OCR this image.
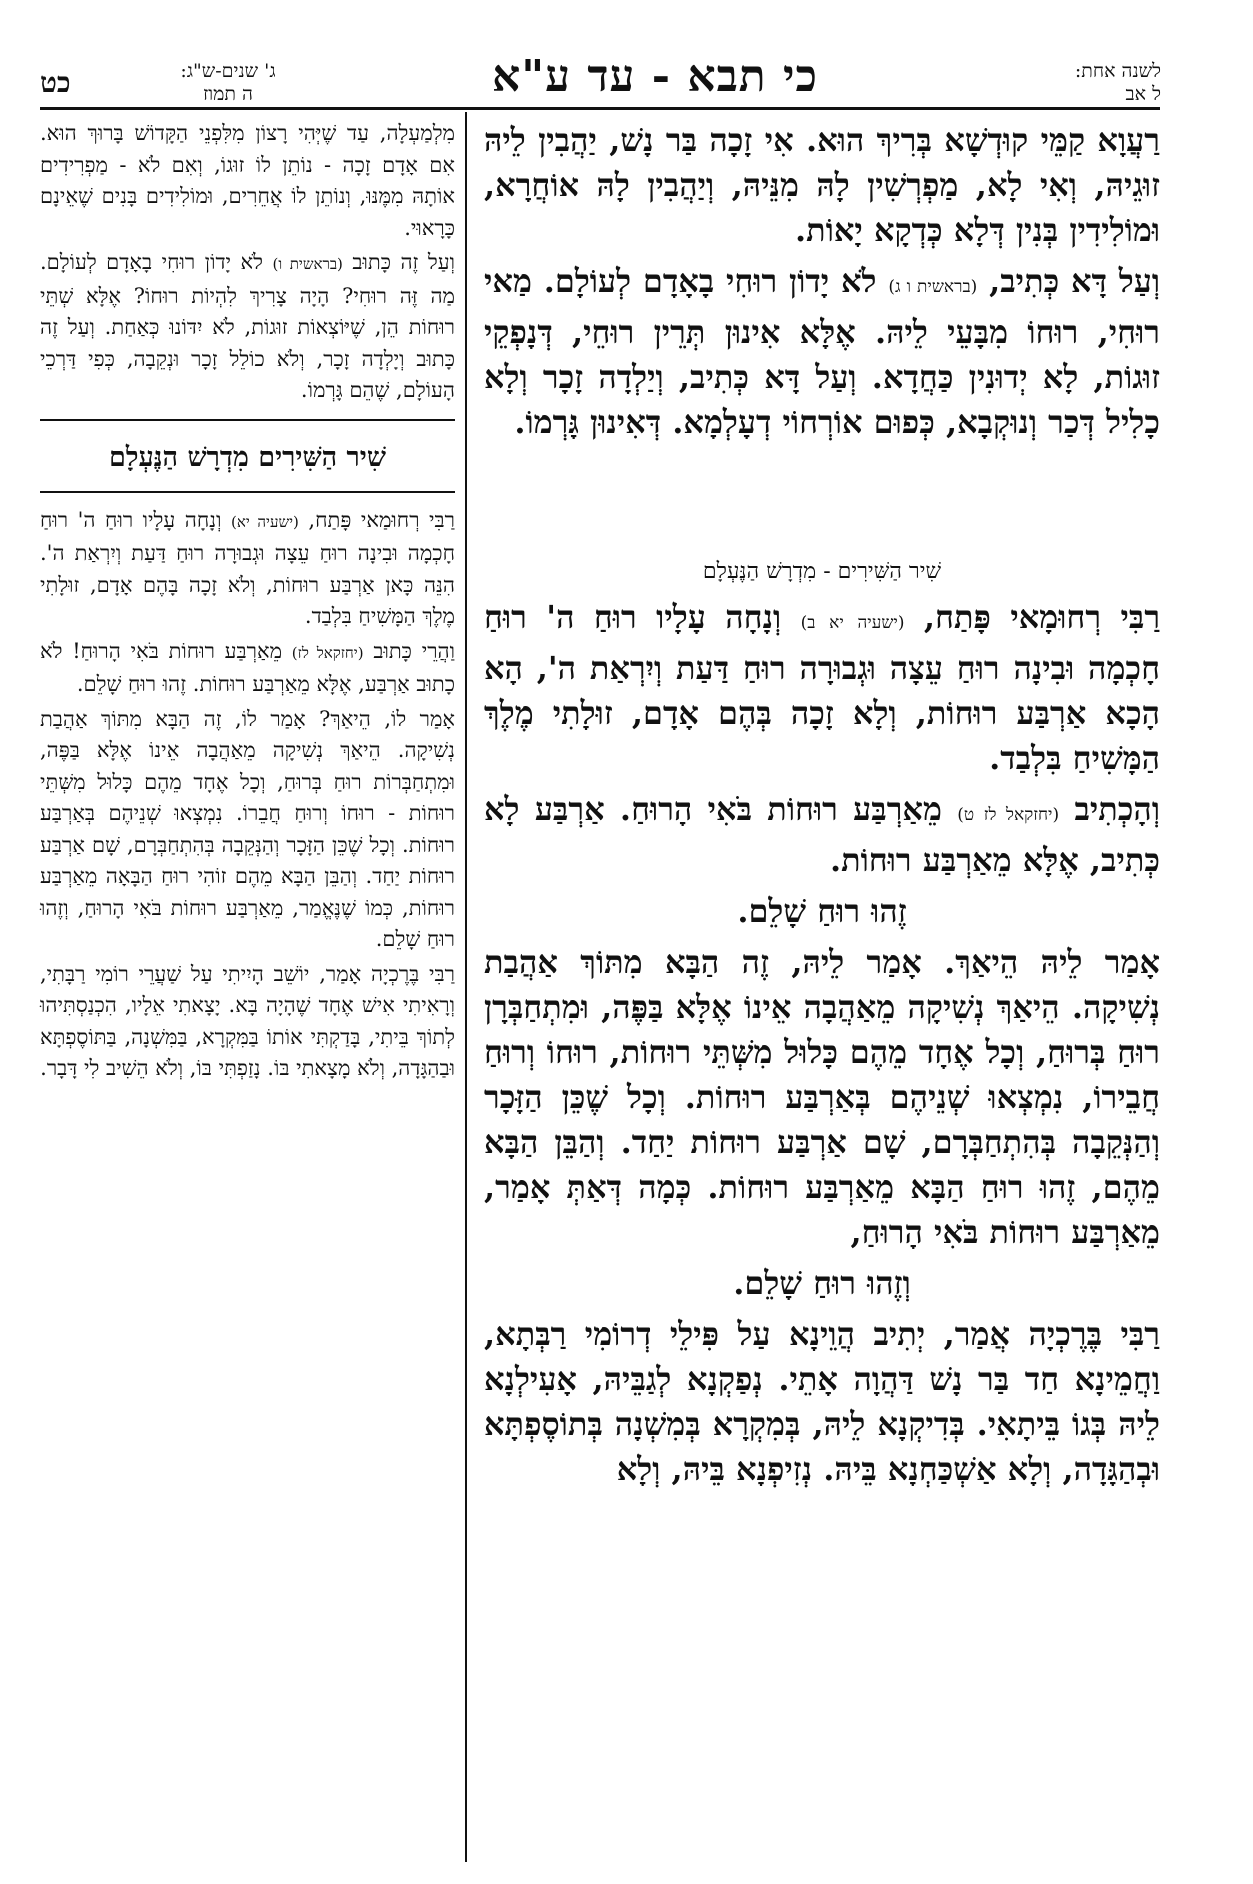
לשנה אחת:
ל אב
כי תבא - עד ע"א
ג' שנים-ש"ג:
ה תמוז
כט

רַעֲוָא קַמֵּי קוּדְשָׁא בְּרִיךְ הוּא. אִי זָכָה בַּר נָשׁ, יַהֲבִין לֵיהּ זוּגֵיהּ, וְאִי לָא, מַפְרְשִׁין לָהּ מִנֵּיהּ, וְיַהֲבִין לָהּ אוֹחֲרָא, וּמוֹלִידִין בְּנִין דְּלָא כְּדְקָא יָאוֹת.

וְעַל דָּא כְּתִיב, (בראשית ו ג) לֹא יָדוֹן רוּחִי בָאָדָם לְעוֹלָם. מַאי רוּחִי, רוּחוֹ מִבָּעֵי לֵיהּ. אֶלָּא אִינוּן תְּרֵין רוּחֵי, דְּנָפְקֵי זוּגוֹת, לָא יְדוּנִין כַּחֲדָא. וְעַל דָּא כְּתִיב, וְיַלְדָה זָכָר וְלָא כָלִיל דְּכַר וְנוּקְבָא, כְּפוּם אוֹרְחוֹי דְעָלְמָא. דְּאִינוּן גָּרְמוֹ.

שִׁיר הַשִּׁירִים - מִדְרָשׁ הַנֶּעְלָם

רַבִּי רְחוּמָאי פָּתַח, (ישעיה יא ב) וְנָחָה עָלָיו רוּחַ ה' רוּחַ חָכְמָה וּבִינָה רוּחַ עֵצָה וּגְבוּרָה רוּחַ דַּעַת וְיִרְאַת ה', הָא הָכָא אַרְבַּע רוּחוֹת, וְלָא זָכָה בְּהֶם אָדָם, זוּלָתִי מֶלֶךְ הַמָּשִׁיחַ בִּלְבַד.

וְהָכְתִיב (יחזקאל לז ט) מֵאַרְבַּע רוּחוֹת בֹּאִי הָרוּחַ. אַרְבַּע לָא כְּתִיב, אֶלָּא מֵאַרְבַּע רוּחוֹת.

זֶהוּ רוּחַ שָׁלֵם.

אָמַר לֵיהּ הֵיאַךְ. אָמַר לֵיהּ, זֶה הַבָּא מִתּוֹךְ אַהֲבַת נְשִׁיקָה. הֵיאַךְ נְשִׁיקָה מֵאַהֲבָה אֵינוֹ אֶלָּא בַּפֶּה, וּמִתְחַבְּרָן רוּחַ בְּרוּחַ, וְכָל אֶחָד מֵהֶם כָּלוּל מִשְּׁתֵּי רוּחוֹת, רוּחוֹ וְרוּחַ חֲבֵירוֹ, נִמְצְאוּ שְׁנֵיהֶם בְּאַרְבַּע רוּחוֹת. וְכָל שֶׁכֵּן הַזָּכָר וְהַנְּקֵבָה בְּהִתְחַבְּרָם, שָׁם אַרְבַּע רוּחוֹת יַחַד. וְהַבֵּן הַבָּא מֵהֶם, זֶהוּ רוּחַ הַבָּא מֵאַרְבַּע רוּחוֹת. כְּמָה דְּאַתְּ אָמַר, מֵאַרְבַּע רוּחוֹת בֹּאִי הָרוּחַ,

וְזֶהוּ רוּחַ שָׁלֵם.

רַבִּי בֶּרֶכְיָה אֲמַר, יְתִיב הֲוֵינָא עַל פִּילֵי דְרוֹמִי רַבְּתָא, וַחֲמֵינָא חַד בַּר נָשׁ דַּהֲוָה אָתֵי. נְפַקְנָא לְגַבֵּיהּ, אָעִילְנָא לֵיהּ בְּגוֹ בֵּיתָאִי. בְּדִיקְנָא לֵיהּ, בְּמִקְרָא בְּמִשְׁנָה בְּתוֹסֶפְתָּא וּבְהַגָּדָה, וְלָא אַשְׁכַּחְנָא בֵּיהּ. נְזִיפְנָא בֵּיהּ, וְלָא

מִלְמַעְלָה, עַד שֶׁיְּהִי רָצוֹן מִלִּפְנֵי הַקָּדוֹשׁ בָּרוּךְ הוּא. אִם אָדָם זָכָה - נוֹתֵן לוֹ זוּגוֹ, וְאִם לֹא - מַפְרִידִים אוֹתָהּ מִמֶּנּוּ, וְנוֹתֵן לוֹ אֲחֵרִים, וּמוֹלִידִים בָּנִים שֶׁאֵינָם כָּרָאוּי.

וְעַל זֶה כָּתוּב (בראשית ו) לֹא יָדוֹן רוּחִי בָאָדָם לְעוֹלָם. מַה זֶּה רוּחִי? הָיָה צָרִיךְ לִהְיוֹת רוּחוֹ? אֶלָּא שְׁתֵּי רוּחוֹת הֵן, שֶׁיּוֹצְאוֹת זוּגוֹת, לֹא יִדּוֹנוּ כְּאַחַת. וְעַל זֶה כָּתוּב וְיָלְדָה זָכָר, וְלֹא כוֹלֵל זָכָר וּנְקֵבָה, כְּפִי דַּרְכֵי הָעוֹלָם, שֶׁהֵם גָּרְמוֹ.

שִׁיר הַשִּׁירִים מִדְרָשׁ הַנֶּעְלָם

רַבִּי רְחוּמַאי פָּתַח, (ישעיה יא) וְנָחָה עָלָיו רוּחַ ה' רוּחַ חָכְמָה וּבִינָה רוּחַ עֵצָה וּגְבוּרָה רוּחַ דַּעַת וְיִרְאַת ה'. הִנֵּה כָּאן אַרְבַּע רוּחוֹת, וְלֹא זָכָה בָּהֶם אָדָם, זוּלָתִי מֶלֶךְ הַמָּשִׁיחַ בִּלְבַד.

וַהֲרֵי כָּתוּב (יחזקאל לז) מֵאַרְבַּע רוּחוֹת בֹּאִי הָרוּחַ! לֹא כָתוּב אַרְבַּע, אֶלָּא מֵאַרְבַּע רוּחוֹת. זֶהוּ רוּחַ שָׁלֵם.

אָמַר לוֹ, הֵיאַךְ? אָמַר לוֹ, זֶה הַבָּא מִתּוֹךְ אַהֲבַת נְשִׁיקָה. הֵיאַךְ נְשִׁיקָה מֵאַהֲבָה אֵינוֹ אֶלָּא בַּפֶּה, וּמִתְחַבְּרוֹת רוּחַ בְּרוּחַ, וְכָל אֶחָד מֵהֶם כָּלוּל מִשְּׁתֵּי רוּחוֹת - רוּחוֹ וְרוּחַ חֲבֵרוֹ. נִמְצְאוּ שְׁנֵיהֶם בְּאַרְבַּע רוּחוֹת. וְכָל שֶׁכֵּן הַזָּכָר וְהַנְּקֵבָה בְּהִתְחַבְּרָם, שָׁם אַרְבַּע רוּחוֹת יַחַד. וְהַבֵּן הַבָּא מֵהֶם זוֹהִי רוּחַ הַבָּאָה מֵאַרְבַּע רוּחוֹת, כְּמוֹ שֶׁנֶּאֱמַר, מֵאַרְבַּע רוּחוֹת בֹּאִי הָרוּחַ, וְזֶהוּ רוּחַ שָׁלֵם.

רַבִּי בֶּרֶכְיָה אָמַר, יוֹשֵׁב הָיִיתִי עַל שַׁעֲרֵי רוֹמִי רַבָּתִי, וְרָאִיתִי אִישׁ אֶחָד שֶׁהָיָה בָּא. יָצָאתִי אֵלָיו, הִכְנַסְתִּיהוּ לְתוֹךְ בֵּיתִי, בָּדַקְתִּי אוֹתוֹ בַּמִּקְרָא, בַּמִּשְׁנָה, בַּתּוֹסֶפְתָּא וּבַהַגָּדָה, וְלֹא מָצָאתִי בּוֹ. נָזַפְתִּי בּוֹ, וְלֹא הֵשִׁיב לִי דָּבָר.
